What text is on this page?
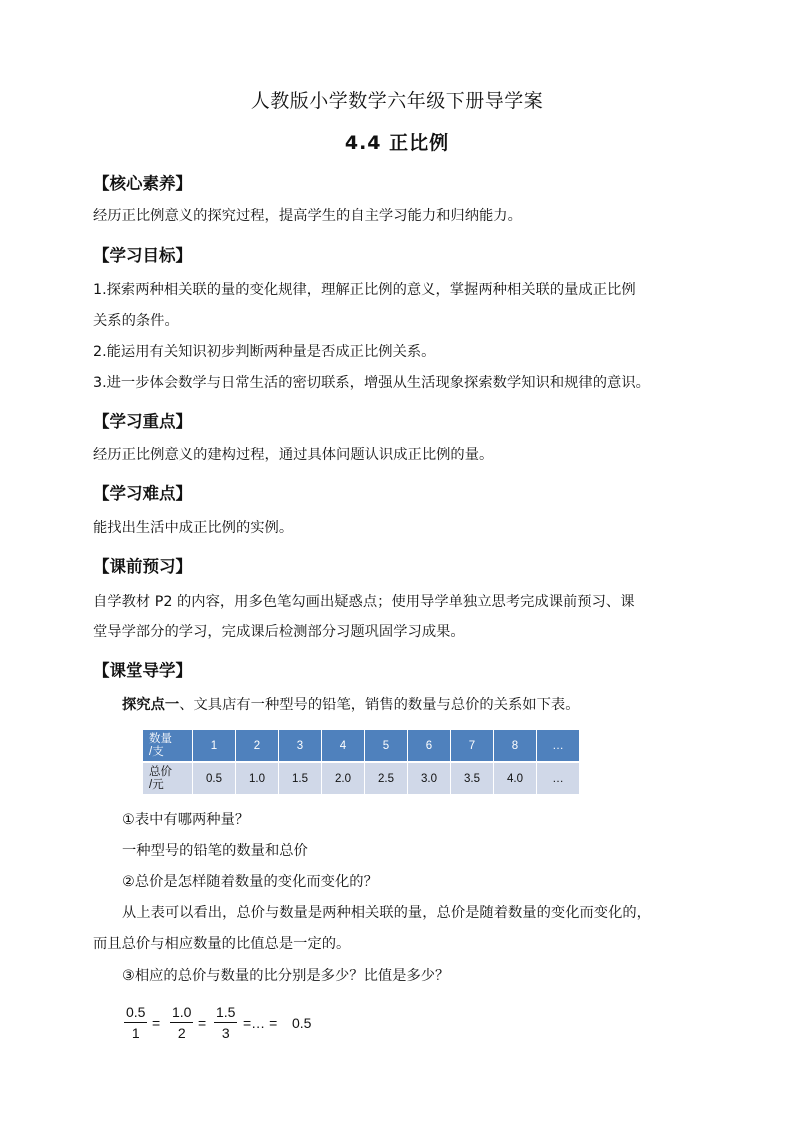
人教版小学数学六年级下册导学案
4.4 正比例
【核心素养】
经历正比例意义的探究过程，提高学生的自主学习能力和归纳能力。
【学习目标】
1.探索两种相关联的量的变化规律，理解正比例的意义，掌握两种相关联的量成正比例
关系的条件。
2.能运用有关知识初步判断两种量是否成正比例关系。
3.进一步体会数学与日常生活的密切联系，增强从生活现象探索数学知识和规律的意识。
【学习重点】
经历正比例意义的建构过程，通过具体问题认识成正比例的量。
【学习难点】
能找出生活中成正比例的实例。
【课前预习】
自学教材 P2 的内容，用多色笔勾画出疑惑点；使用导学单独立思考完成课前预习、课
堂导学部分的学习，完成课后检测部分习题巩固学习成果。
【课堂导学】
探究点一、文具店有一种型号的铅笔，销售的数量与总价的关系如下表。
数量
/支	1	2	3	4	5	6	7	8	…
总价
/元	0.5	1.0	1.5	2.0	2.5	3.0	3.5	4.0	…
①表中有哪两种量？
一种型号的铅笔的数量和总价
②总价是怎样随着数量的变化而变化的？
从上表可以看出，总价与数量是两种相关联的量，总价是随着数量的变化而变化的，
而且总价与相应数量的比值总是一定的。
③相应的总价与数量的比分别是多少？比值是多少？
$\frac{0.5}{1} = \frac{1.0}{2} = \frac{1.5}{3}$ =… = 0.5
